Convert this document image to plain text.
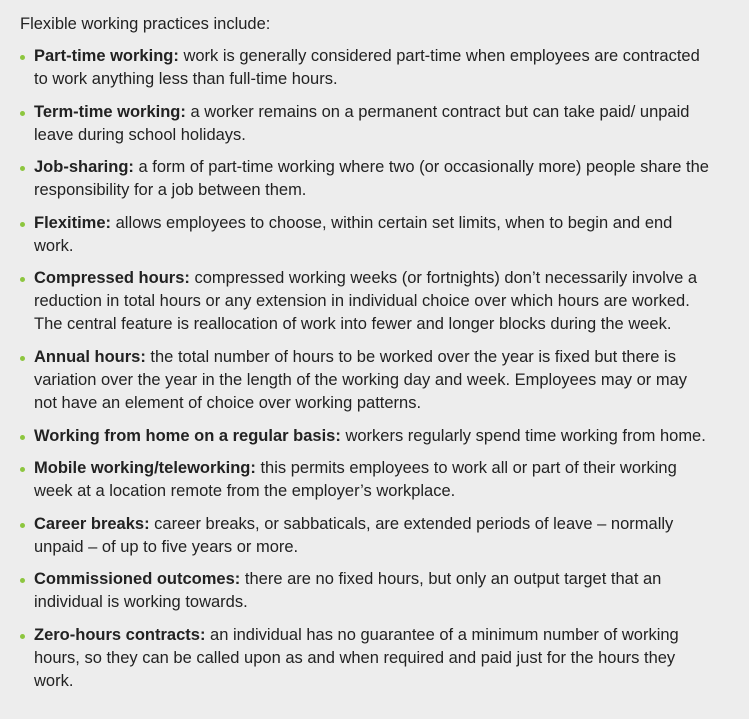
Flexible working practices include:

Part-time working: work is generally considered part-time when employees are contracted to work anything less than full-time hours.
Term-time working: a worker remains on a permanent contract but can take paid/ unpaid leave during school holidays.
Job-sharing: a form of part-time working where two (or occasionally more) people share the responsibility for a job between them.
Flexitime: allows employees to choose, within certain set limits, when to begin and end work.
Compressed hours: compressed working weeks (or fortnights) don’t necessarily involve a reduction in total hours or any extension in individual choice over which hours are worked. The central feature is reallocation of work into fewer and longer blocks during the week.
Annual hours: the total number of hours to be worked over the year is fixed but there is variation over the year in the length of the working day and week. Employees may or may not have an element of choice over working patterns.
Working from home on a regular basis: workers regularly spend time working from home.
Mobile working/teleworking: this permits employees to work all or part of their working week at a location remote from the employer’s workplace.
Career breaks: career breaks, or sabbaticals, are extended periods of leave – normally unpaid – of up to five years or more.
Commissioned outcomes: there are no fixed hours, but only an output target that an individual is working towards.
Zero-hours contracts: an individual has no guarantee of a minimum number of working hours, so they can be called upon as and when required and paid just for the hours they work.
